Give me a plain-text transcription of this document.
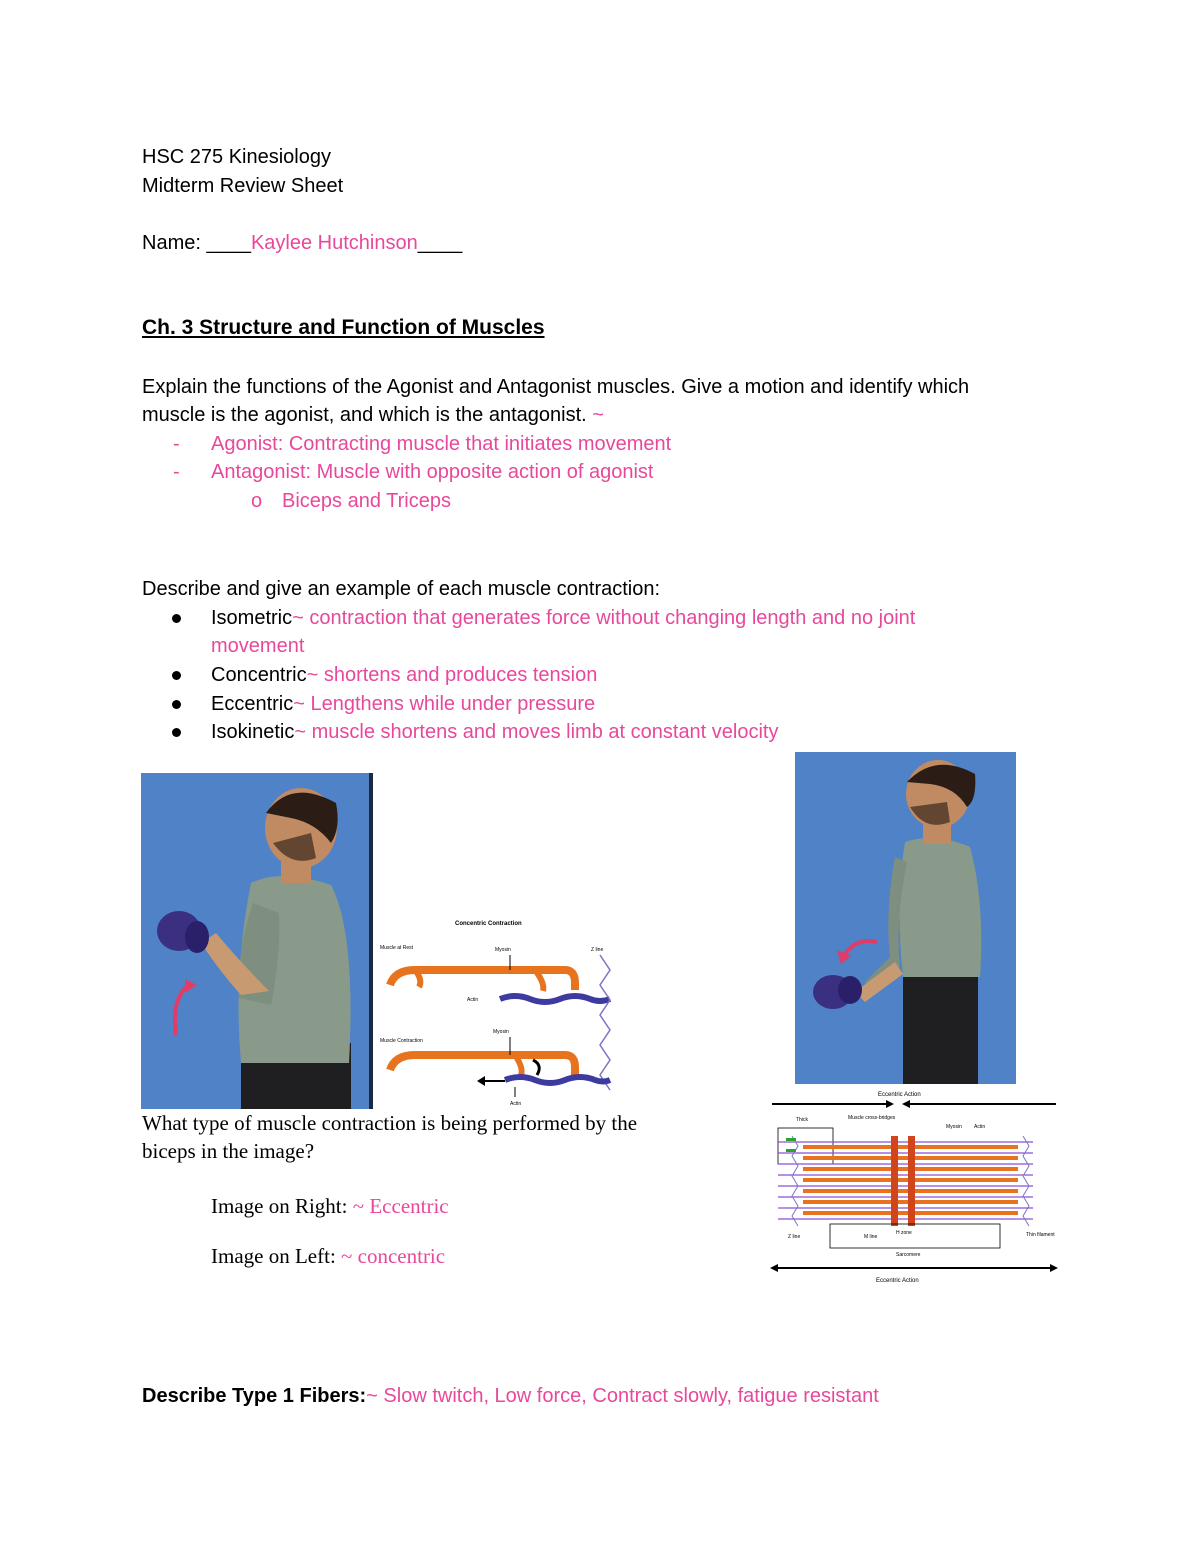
HSC 275 Kinesiology
Midterm Review Sheet
Name: ____Kaylee Hutchinson____
Ch. 3 Structure and Function of Muscles
Explain the functions of the Agonist and Antagonist muscles. Give a motion and identify which
muscle is the agonist, and which is the antagonist. ~
- Agonist: Contracting muscle that initiates movement
- Antagonist: Muscle with opposite action of agonist
o Biceps and Triceps
Describe and give an example of each muscle contraction:
Isometric~ contraction that generates force without changing length and no joint
movement
Concentric~ shortens and produces tension
Eccentric~ Lengthens while under pressure
Isokinetic~ muscle shortens and moves limb at constant velocity
Concentric Contraction
Muscle at Rest	Myosin	Z line
Actin
Muscle Contraction
Myosin
Actin
Eccentric Action
Thick	Muscle cross-bridges
Myosin Actin
Z line	M line
H zone
Sarcomere
Thin filament
Eccentric Action
What type of muscle contraction is being performed by the
biceps in the image?
Image on Right: ~ Eccentric
Image on Left: ~ concentric
Describe Type 1 Fibers:~ Slow twitch, Low force, Contract slowly, fatigue resistant
